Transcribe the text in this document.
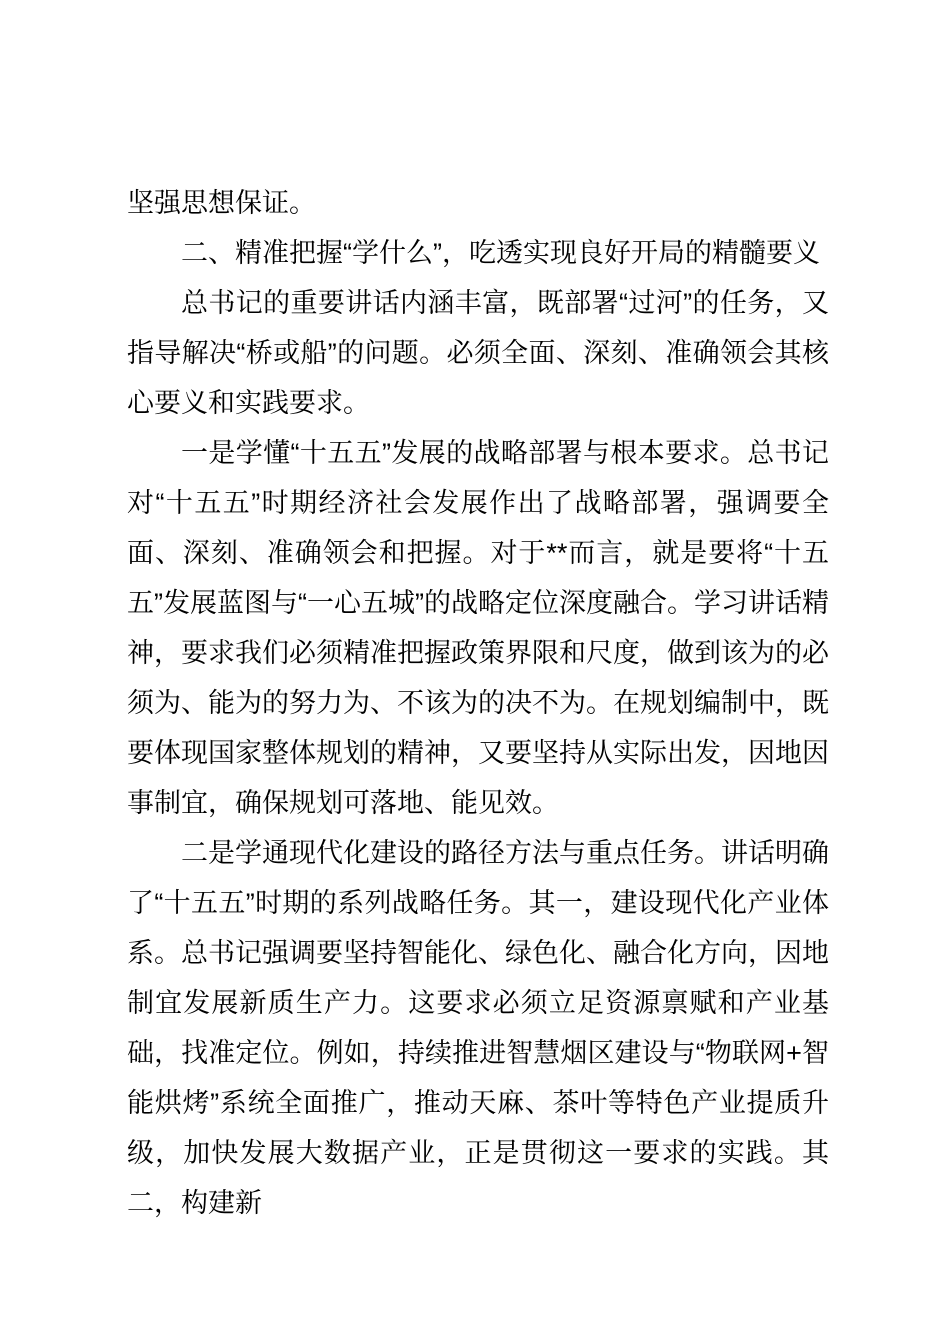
坚强思想保证。

二、精准把握“学什么”，吃透实现良好开局的精髓要义

总书记的重要讲话内涵丰富，既部署“过河”的任务，又指导解决“桥或船”的问题。必须全面、深刻、准确领会其核心要义和实践要求。

一是学懂“十五五”发展的战略部署与根本要求。总书记对“十五五”时期经济社会发展作出了战略部署，强调要全面、深刻、准确领会和把握。对于**而言，就是要将“十五五”发展蓝图与“一心五城”的战略定位深度融合。学习讲话精神，要求我们必须精准把握政策界限和尺度，做到该为的必须为、能为的努力为、不该为的决不为。在规划编制中，既要体现国家整体规划的精神，又要坚持从实际出发，因地因事制宜，确保规划可落地、能见效。

二是学通现代化建设的路径方法与重点任务。讲话明确了“十五五”时期的系列战略任务。其一，建设现代化产业体系。总书记强调要坚持智能化、绿色化、融合化方向，因地制宜发展新质生产力。这要求必须立足资源禀赋和产业基础，找准定位。例如，持续推进智慧烟区建设与“物联网+智能烘烤”系统全面推广，推动天麻、茶叶等特色产业提质升级，加快发展大数据产业，正是贯彻这一要求的实践。其二，构建新
